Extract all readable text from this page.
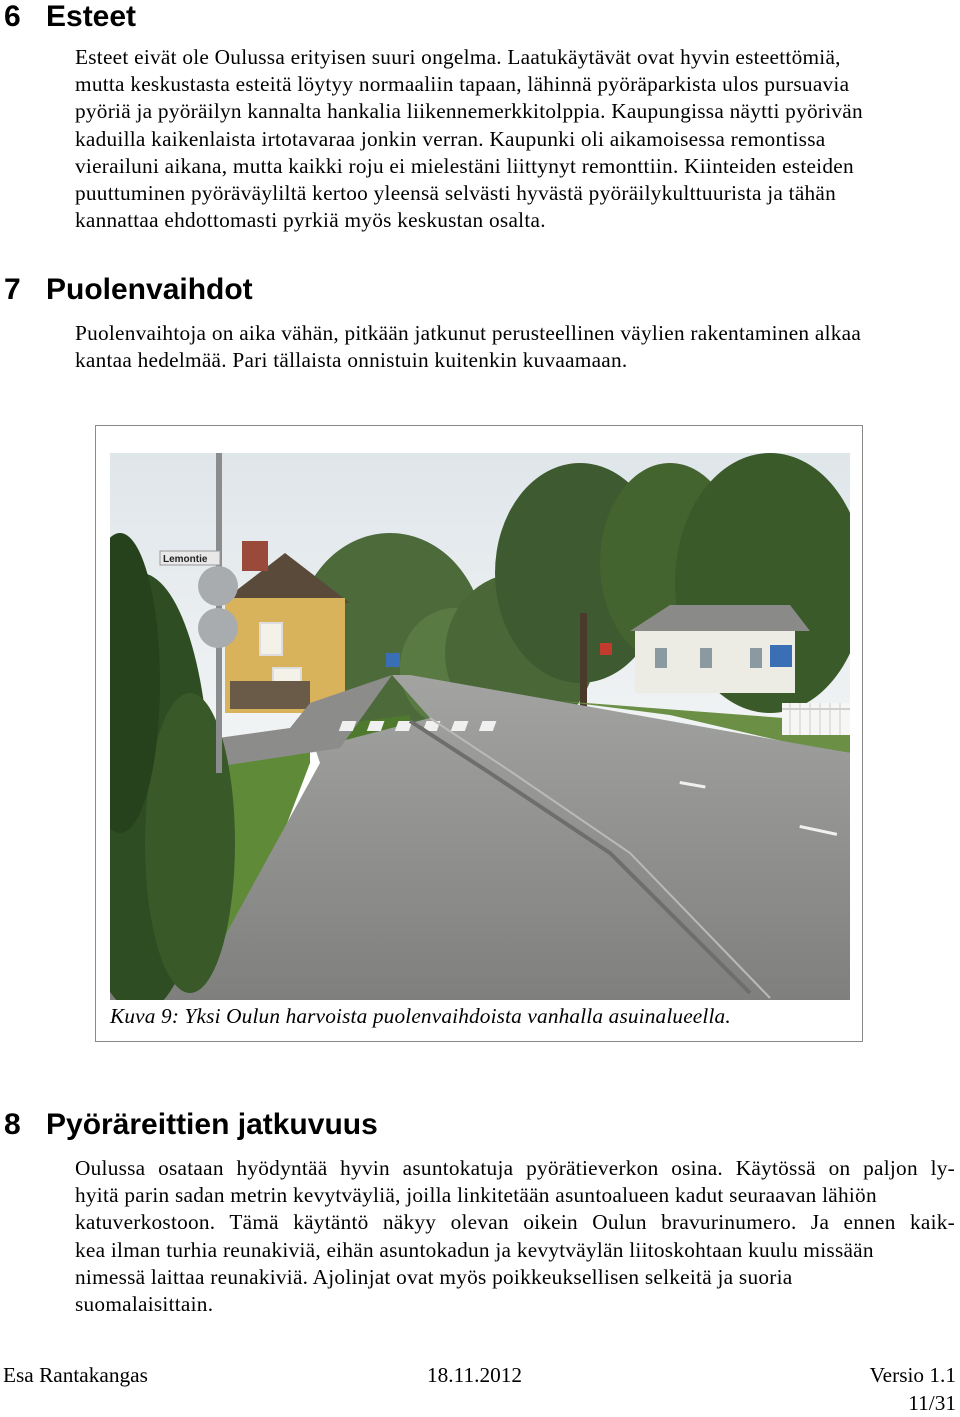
6 Esteet

Esteet eivät ole Oulussa erityisen suuri ongelma. Laatukäytävät ovat hyvin esteettömiä,
mutta keskustasta esteitä löytyy normaaliin tapaan, lähinnä pyöräparkista ulos pursuavia
pyöriä ja pyöräilyn kannalta hankalia liikennemerkkitolppia. Kaupungissa näytti pyörivän
kaduilla kaikenlaista irtotavaraa jonkin verran. Kaupunki oli aikamoisessa remontissa
vierailuni aikana, mutta kaikki roju ei mielestäni liittynyt remonttiin. Kiinteiden esteiden
puuttuminen pyöräväyliltä kertoo yleensä selvästi hyvästä pyöräilykulttuurista ja tähän
kannattaa ehdottomasti pyrkiä myös keskustan osalta.

7 Puolenvaihdot

Puolenvaihtoja on aika vähän, pitkään jatkunut perusteellinen väylien rakentaminen alkaa
kantaa hedelmää. Pari tällaista onnistuin kuitenkin kuvaamaan.

Lemontie
Kuva 9: Yksi Oulun harvoista puolenvaihdoista vanhalla asuinalueella.
8 Pyöräreittien jatkuvuus

Oulussa osataan hyödyntää hyvin asuntokatuja pyörätieverkon osina. Käytössä on paljon ly-
hyitä parin sadan metrin kevytväyliä, joilla linkitetään asuntoalueen kadut seuraavan lähiön
katuverkostoon. Tämä käytäntö näkyy olevan oikein Oulun bravurinumero. Ja ennen kaik-
kea ilman turhia reunakiviä, eihän asuntokadun ja kevytväylän liitoskohtaan kuulu missään
nimessä laittaa reunakiviä. Ajolinjat ovat myös poikkeuksellisen selkeitä ja suoria
suomalaisittain.

Esa Rantakangas	18.11.2012	Versio 1.1
11/31
